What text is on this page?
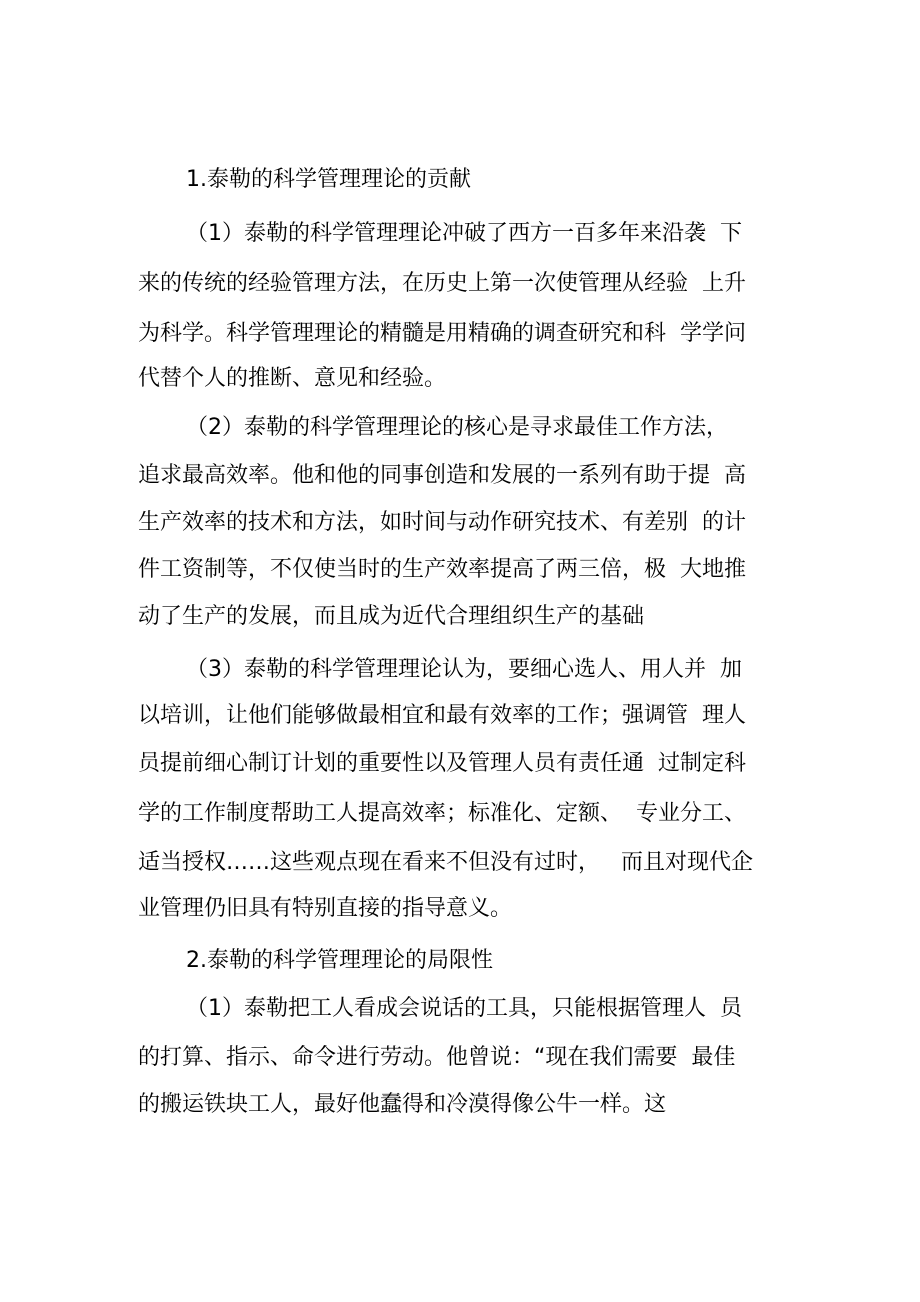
1.泰勒的科学管理理论的贡献

（1）泰勒的科学管理理论冲破了西方一百多年来沿袭  下

来的传统的经验管理方法，在历史上第一次使管理从经验  上升

为科学。科学管理理论的精髓是用精确的调查研究和科  学学问

代替个人的推断、意见和经验。

（2）泰勒的科学管理理论的核心是寻求最佳工作方法，

追求最高效率。他和他的同事创造和发展的一系列有助于提  高

生产效率的技术和方法，如时间与动作研究技术、有差别  的计

件工资制等，不仅使当时的生产效率提高了两三倍，极  大地推

动了生产的发展，而且成为近代合理组织生产的基础

（3）泰勒的科学管理理论认为，要细心选人、用人并  加

以培训，让他们能够做最相宜和最有效率的工作；强调管  理人

员提前细心制订计划的重要性以及管理人员有责任通  过制定科

学的工作制度帮助工人提高效率；标准化、定额、  专业分工、

适当授权……这些观点现在看来不但没有过时，   而且对现代企

业管理仍旧具有特别直接的指导意义。

2.泰勒的科学管理理论的局限性

（1）泰勒把工人看成会说话的工具，只能根据管理人  员

的打算、指示、命令进行劳动。他曾说：“现在我们需要  最佳

的搬运铁块工人，最好他蠢得和冷漠得像公牛一样。这
